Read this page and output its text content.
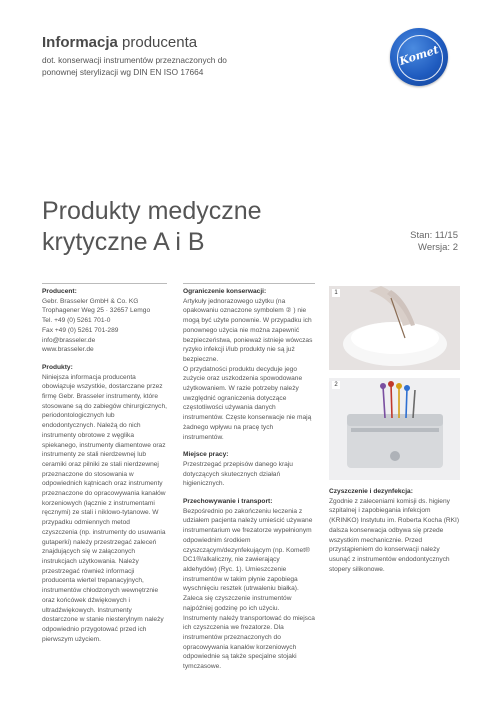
Informacja producenta
dot. konserwacji instrumentów przeznaczonych do
ponownej sterylizacji wg DIN EN ISO 17664
Komet
Produkty medyczne
krytyczne A i B	Stan: 11/15
Wersja: 2
Producent:
Gebr. Brasseler GmbH & Co. KG
Trophagener Weg 25 · 32657 Lemgo
Tel. +49 (0) 5261 701-0
Fax +49 (0) 5261 701-289
info@brasseler.de
www.brasseler.de
Produkty:

Niniejsza informacja producenta obowiązuje wszystkie, dostarczane przez firmę Gebr. Brasseler instrumenty, które stosowane są do zabiegów chirurgicznych, periodontologicznych lub endodontycznych. Należą do nich instrumenty obrotowe z węglika spiekanego, instrumenty diamentowe oraz instrumenty ze stali nierdzewnej lub ceramiki oraz pilniki ze stali nierdzewnej przeznaczone do stosowania w odpowiednich kątnicach oraz instrumenty przeznaczone do opracowywania kanałów korzeniowych (łącznie z instrumentami ręcznymi) ze stali i niklowo-tytanowe. W przypadku odmiennych metod czyszczenia (np. instrumenty do usuwania gutaperki) należy przestrzegać zaleceń znajdujących się w załączonych instrukcjach użytkowania. Należy przestrzegać również informacji producenta wiertel trepanacyjnych, instrumentów chłodzonych wewnętrznie oraz końcówek dźwiękowych i ultradźwiękowych. Instrumenty dostarczone w stanie niesterylnym należy odpowiednio przygotować przed ich pierwszym użyciem.

Ograniczenie konserwacji:

Artykuły jednorazowego użytku (na opakowaniu oznaczone symbolem ② ) nie mogą być użyte ponownie. W przypadku ich ponownego użycia nie można zapewnić bezpieczeństwa, ponieważ istnieje wówczas ryzyko infekcji i/lub produkty nie są już bezpieczne.

O przydatności produktu decyduje jego zużycie oraz uszkodzenia spowodowane użytkowaniem. W razie potrzeby należy uwzględnić ograniczenia dotyczące częstotliwości używania danych instrumentów. Częste konserwacje nie mają żadnego wpływu na pracę tych instrumentów.

Miejsce pracy:

Przestrzegać przepisów danego kraju dotyczących skutecznych działań higienicznych.

Przechowywanie i transport:

Bezpośrednio po zakończeniu leczenia z udziałem pacjenta należy umieścić używane instrumentarium we frezatorze wypełnionym odpowiednim środkiem czyszczącym/dezynfekującym (np. Komet® DC1®/alkaliczny, nie zawierający aldehydów) (Ryc. 1). Umieszczenie instrumentów w takim płynie zapobiega wyschnięciu resztek (utrwaleniu białka). Zaleca się czyszczenie instrumentów najpóźniej godzinę po ich użyciu. Instrumenty należy transportować do miejsca ich czyszczenia we frezatorze. Dla instrumentów przeznaczonych do opracowywania kanałów korzeniowych odpowiednie są także specjalne stojaki tymczasowe.

1
2
Czyszczenie i dezynfekcja:

Zgodnie z zaleceniami komisji ds. higieny szpitalnej i zapobiegania infekcjom (KRINKO) Instytutu im. Roberta Kocha (RKI) dalsza konserwacja odbywa się przede wszystkim mechanicznie. Przed przystąpieniem do konserwacji należy usunąć z instrumentów endodontycznych stopery silikonowe.
